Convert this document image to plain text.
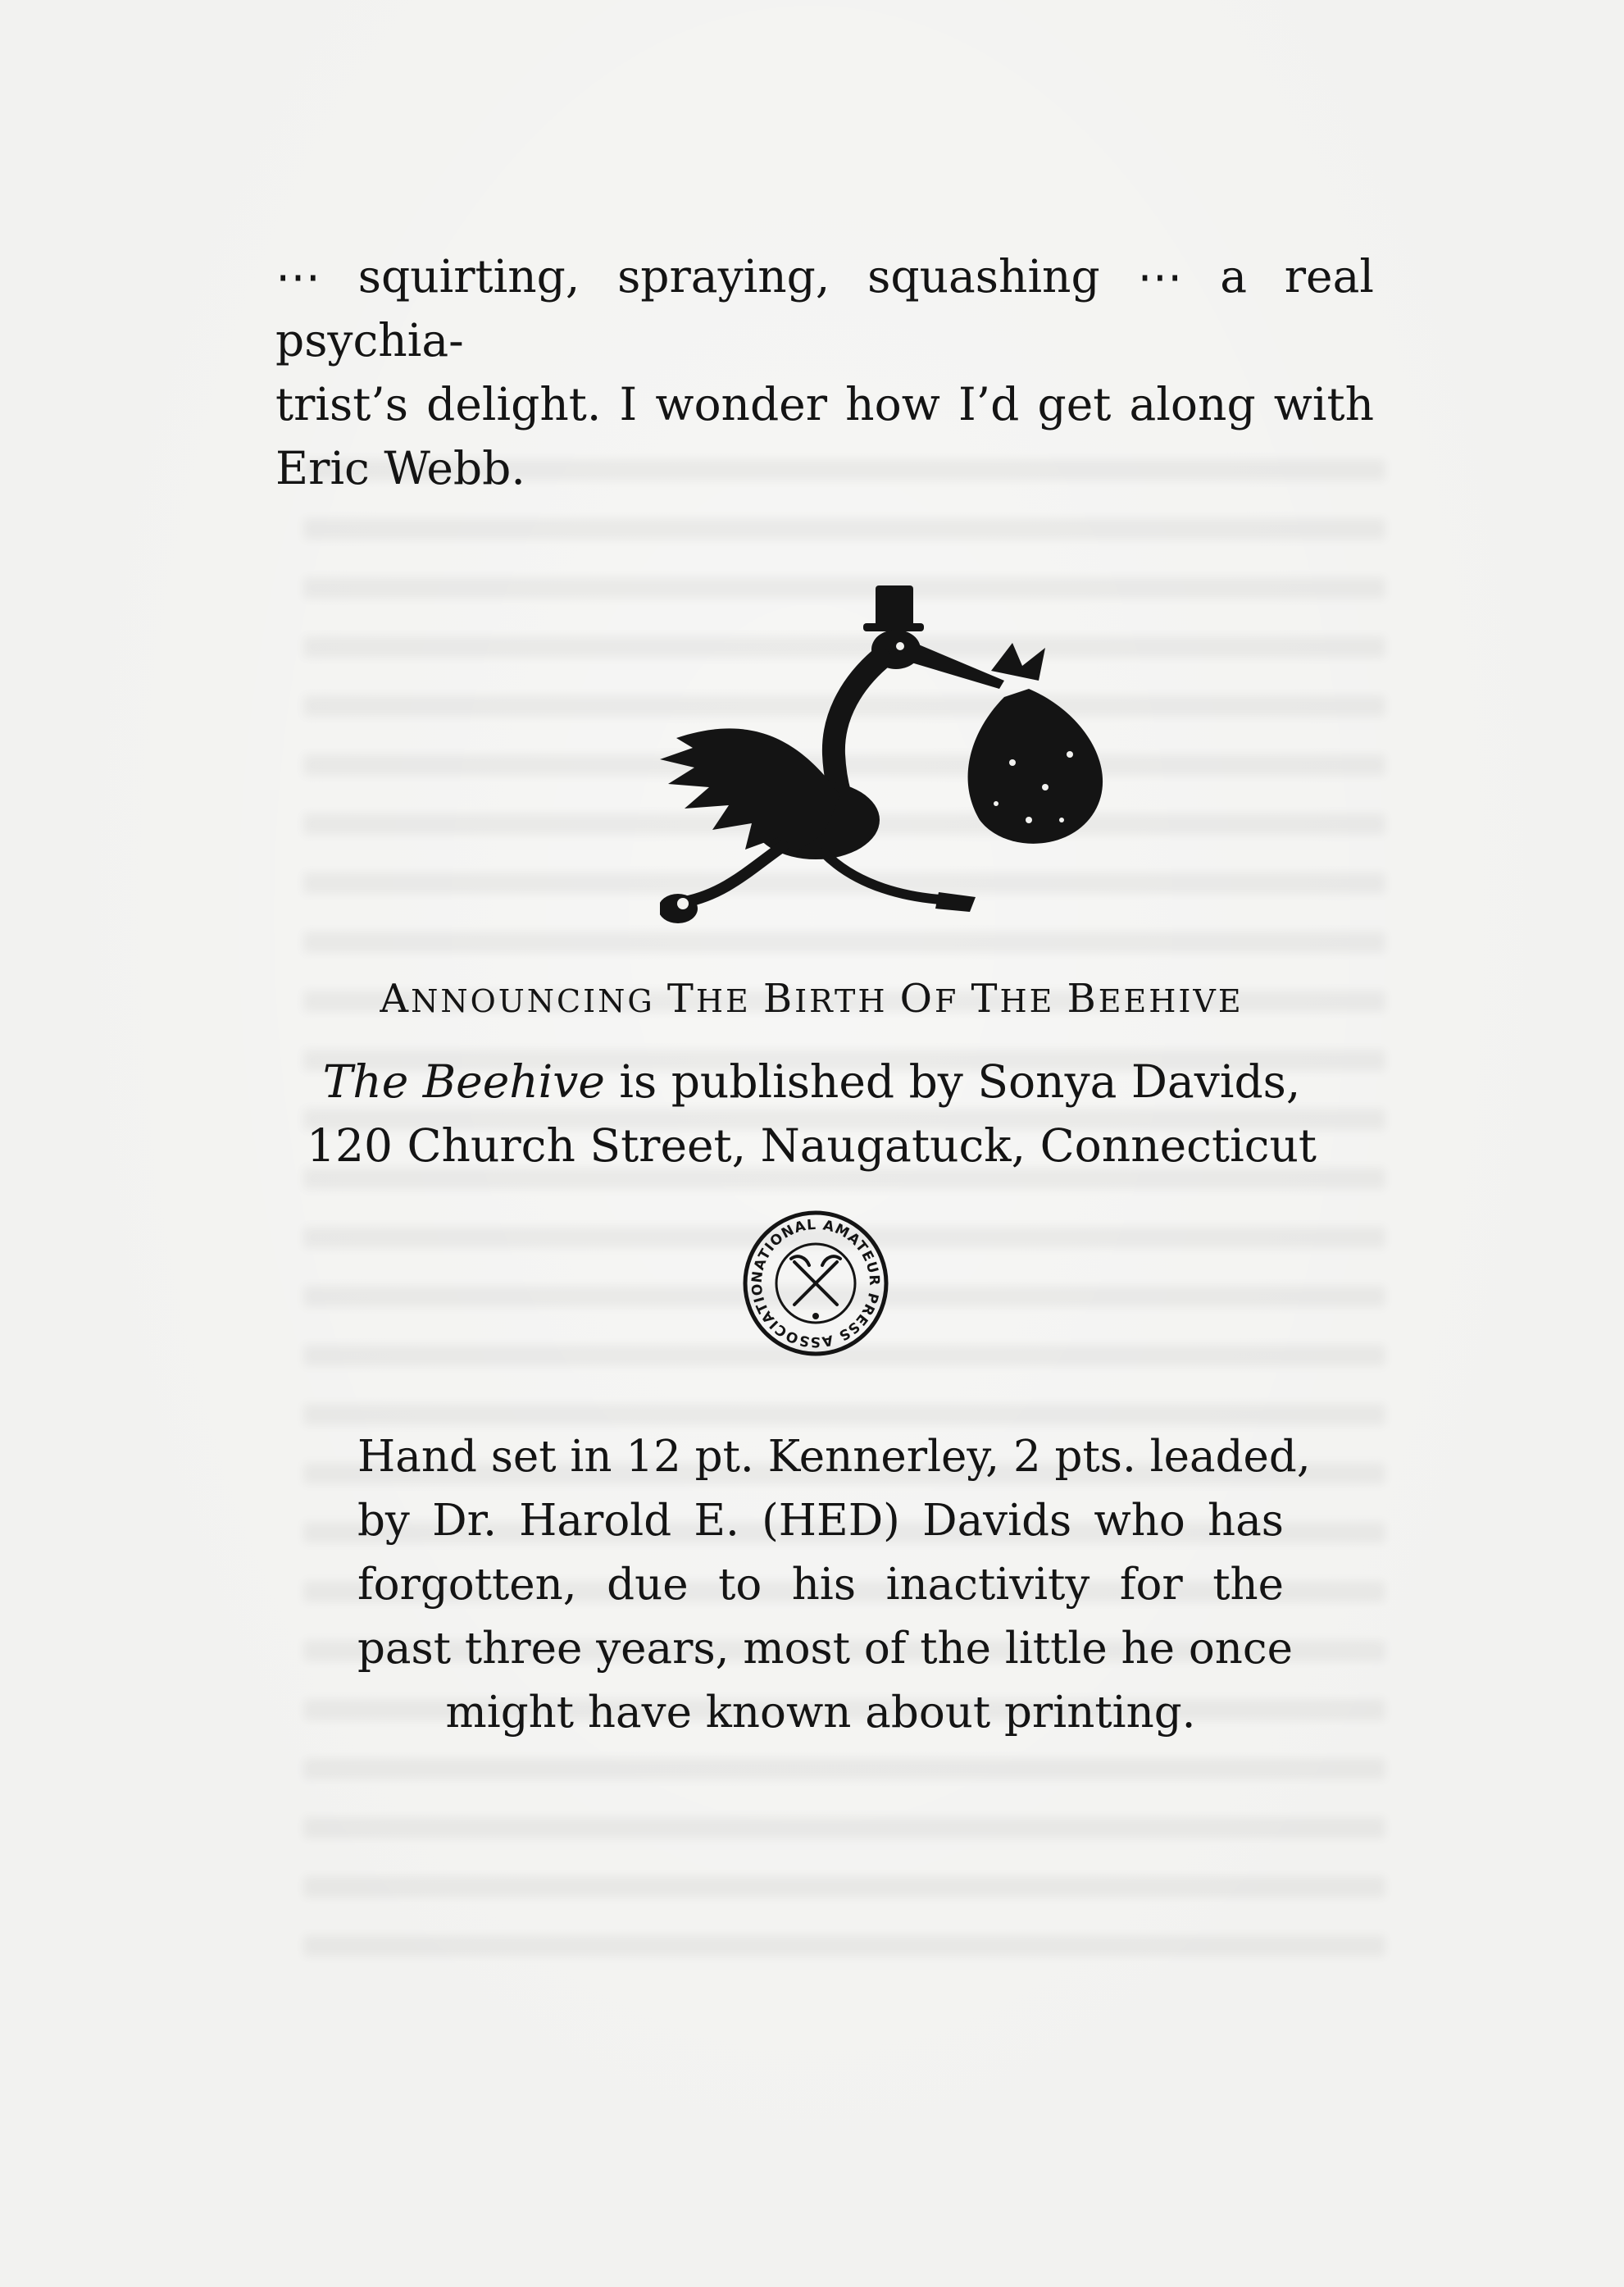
⋯ squirting, spraying, squashing ⋯ a real psychia-
trist’s delight. I wonder how I’d get along with
Eric Webb.

ANNOUNCING THE BIRTH OF THE BEEHIVE

The Beehive is published by Sonya Davids,
120 Church Street, Naugatuck, Connecticut

NATIONAL AMATEUR PRESS ASSOCIATIO

Hand set in 12 pt. Kennerley, 2 pts. leaded,
by Dr. Harold E. (HED) Davids who has
forgotten, due to his inactivity for the
past three years, most of the little he once
might have known about printing.
